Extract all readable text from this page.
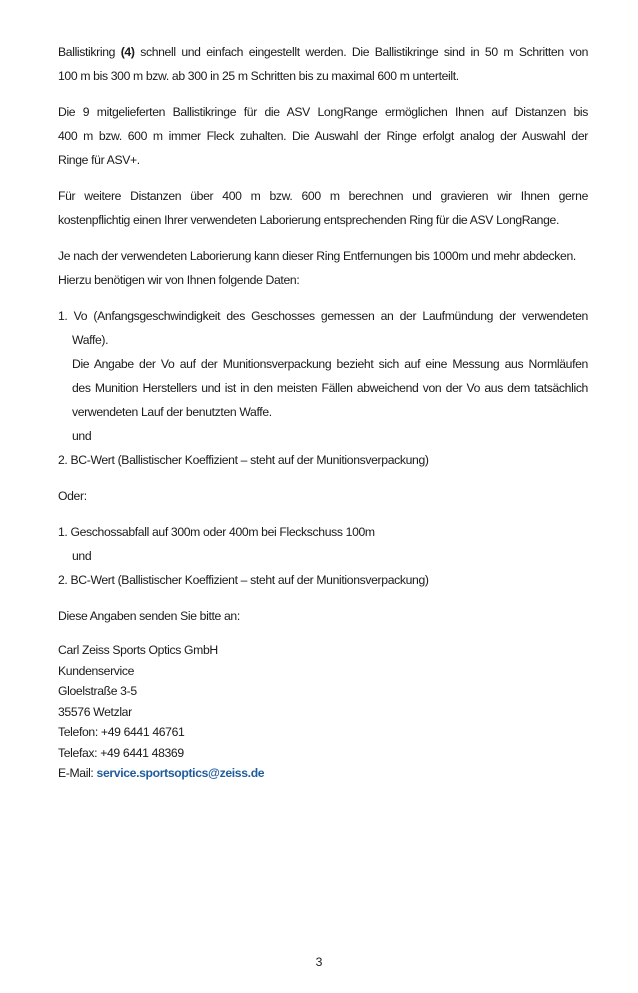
Ballistikring (4) schnell und einfach eingestellt werden. Die Ballistikringe sind in 50 m Schritten von
100 m bis 300 m bzw. ab 300 in 25 m Schritten bis zu maximal 600 m unterteilt.
Die 9 mitgelieferten Ballistikringe für die ASV LongRange ermöglichen Ihnen auf Distanzen bis
400 m bzw. 600 m immer Fleck zuhalten. Die Auswahl der Ringe erfolgt analog der Auswahl der
Ringe für ASV+.
Für weitere Distanzen über 400 m bzw. 600 m berechnen und gravieren wir Ihnen gerne
kostenpflichtig einen Ihrer verwendeten Laborierung entsprechenden Ring für die ASV LongRange.
Je nach der verwendeten Laborierung kann dieser Ring Entfernungen bis 1000m und mehr abdecken.
Hierzu benötigen wir von Ihnen folgende Daten:
1. Vo (Anfangsgeschwindigkeit des Geschosses gemessen an der Laufmündung der verwendeten
Waffe).
Die Angabe der Vo auf der Munitionsverpackung bezieht sich auf eine Messung aus Normläufen
des Munition Herstellers und ist in den meisten Fällen abweichend von der Vo aus dem tatsächlich
verwendeten Lauf der benutzten Waffe.
und
2. BC-Wert (Ballistischer Koeffizient – steht auf der Munitionsverpackung)
Oder:
1. Geschossabfall auf 300m oder 400m bei Fleckschuss 100m
und
2. BC-Wert (Ballistischer Koeffizient – steht auf der Munitionsverpackung)
Diese Angaben senden Sie bitte an:
Carl Zeiss Sports Optics GmbH
Kundenservice
Gloelstraße 3-5
35576 Wetzlar
Telefon: +49 6441 46761
Telefax: +49 6441 48369
E-Mail: service.sportsoptics@zeiss.de
3
